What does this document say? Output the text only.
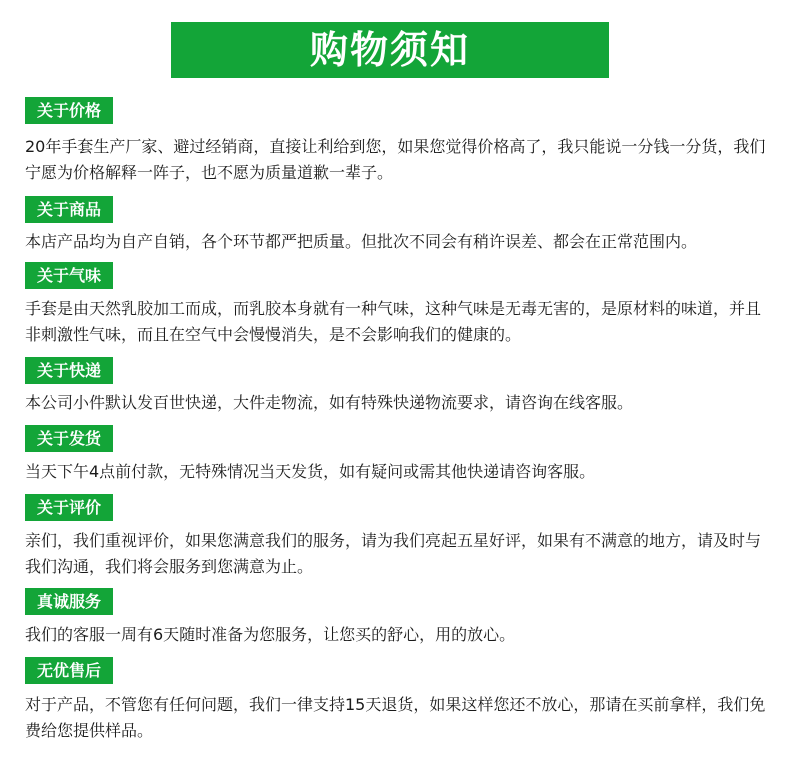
购物须知
关于价格
20年手套生产厂家、避过经销商，直接让利给到您，如果您觉得价格高了，我只能说一分钱一分货，我们宁愿为价格解释一阵子，也不愿为质量道歉一辈子。
关于商品
本店产品均为自产自销，各个环节都严把质量。但批次不同会有稍许误差、都会在正常范围内。
关于气味
手套是由天然乳胶加工而成，而乳胶本身就有一种气味，这种气味是无毒无害的，是原材料的味道，并且非刺激性气味，而且在空气中会慢慢消失，是不会影响我们的健康的。
关于快递
本公司小件默认发百世快递，大件走物流，如有特殊快递物流要求，请咨询在线客服。
关于发货
当天下午4点前付款，无特殊情况当天发货，如有疑问或需其他快递请咨询客服。
关于评价
亲们，我们重视评价，如果您满意我们的服务，请为我们亮起五星好评，如果有不满意的地方，请及时与我们沟通，我们将会服务到您满意为止。
真诚服务
我们的客服一周有6天随时准备为您服务，让您买的舒心，用的放心。
无优售后
对于产品，不管您有任何问题，我们一律支持15天退货，如果这样您还不放心，那请在买前拿样，我们免费给您提供样品。
